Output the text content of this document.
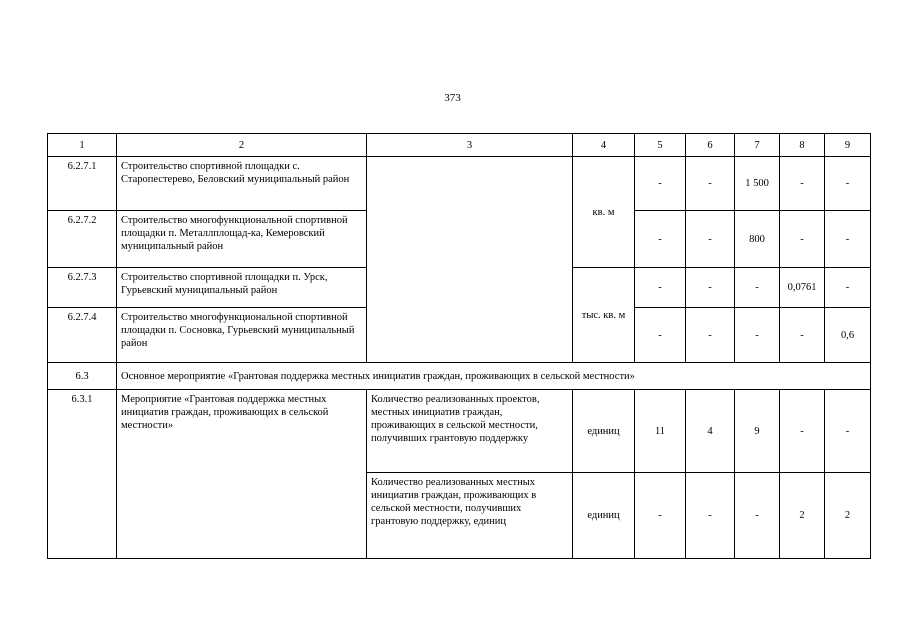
373
1	2	3	4	5	6	7	8	9
6.2.7.1	Строительство спортивной площадки с. Старопестерево, Беловский муниципальный район		кв. м	-	-	1 500	-	-
6.2.7.2	Строительство многофункциональной спортивной площадки п. Металлплощад-ка, Кемеровский муниципальный район			-	-	800	-	-
6.2.7.3	Строительство спортивной площадки п. Урск, Гурьевский муниципальный район		тыс. кв. м	-	-	-	0,0761	-
6.2.7.4	Строительство многофункциональной спортивной площадки п. Сосновка, Гурьевский муниципальный район			-	-	-	-	0,6
6.3	Основное мероприятие «Грантовая поддержка местных инициатив граждан, проживающих в сельской местности»							
6.3.1	Мероприятие «Грантовая поддержка местных инициатив граждан, проживающих в сельской местности»	Количество реализованных проектов, местных инициатив граждан, проживающих в сельской местности, получивших грантовую поддержку	единиц	11	4	9	-	-
		Количество реализованных местных инициатив граждан, проживающих в сельской местности, получивших грантовую поддержку, единиц	единиц	-	-	-	2	2
